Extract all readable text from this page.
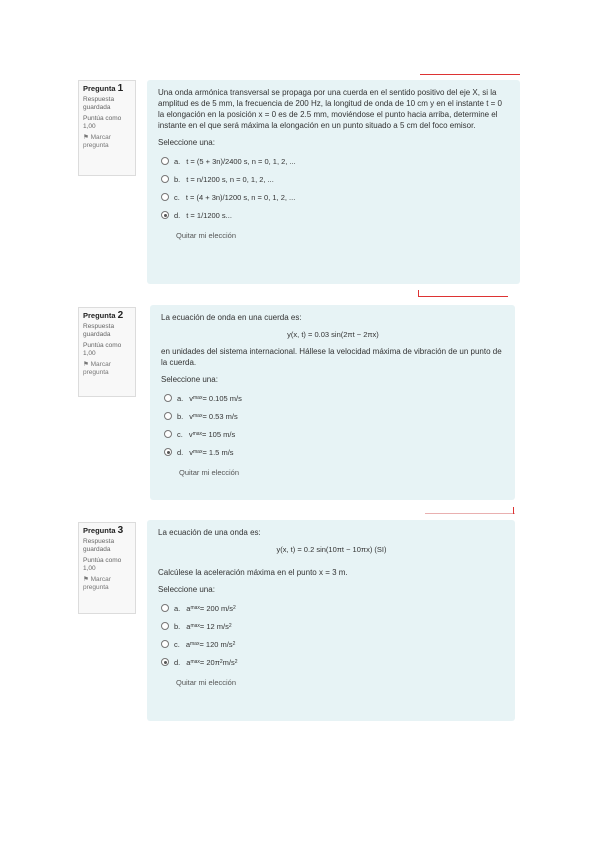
Pregunta 1
Respuesta guardada
Puntúa como 1,00
⚑ Marcar pregunta

Una onda armónica transversal se propaga por una cuerda en el sentido positivo del eje X, si la amplitud es de 5 mm, la frecuencia de 200 Hz, la longitud de onda de 10 cm y en el instante t = 0 la elongación en la posición x = 0 es de 2.5 mm, moviéndose el punto hacia arriba, determine el instante en el que será máxima la elongación en un punto situado a 5 cm del foco emisor.

Seleccione una:
a. t = (5 + 3n)/2400 s, n = 0, 1, 2, ...
b. t = n/1200 s, n = 0, 1, 2, ...
c. t = (4 + 3n)/1200 s, n = 0, 1, 2, ...
d. t = 1/1200 s...
Quitar mi elección
Pregunta 2
Respuesta guardada
Puntúa como 1,00
⚑ Marcar pregunta

La ecuación de onda en una cuerda es:

y(x, t) = 0.03 sin(2πt − 2πx)

en unidades del sistema internacional. Hállese la velocidad máxima de vibración de un punto de la cuerda.

Seleccione una:
a. v max = 0.105 m/s
b. v max = 0.53 m/s
c. v max = 105 m/s
d. v max = 1.5 m/s
Quitar mi elección
Pregunta 3
Respuesta guardada
Puntúa como 1,00
⚑ Marcar pregunta

La ecuación de una onda es:

y(x, t) = 0.2 sin(10πt − 10πx) (SI)

Calcúlese la aceleración máxima en el punto x = 3 m.

Seleccione una:
a. a max = 200 m/s 2
b. a max = 12 m/s 2
c. a max = 120 m/s 2
d. a max = 20π 2 m/s 2
Quitar mi elección
